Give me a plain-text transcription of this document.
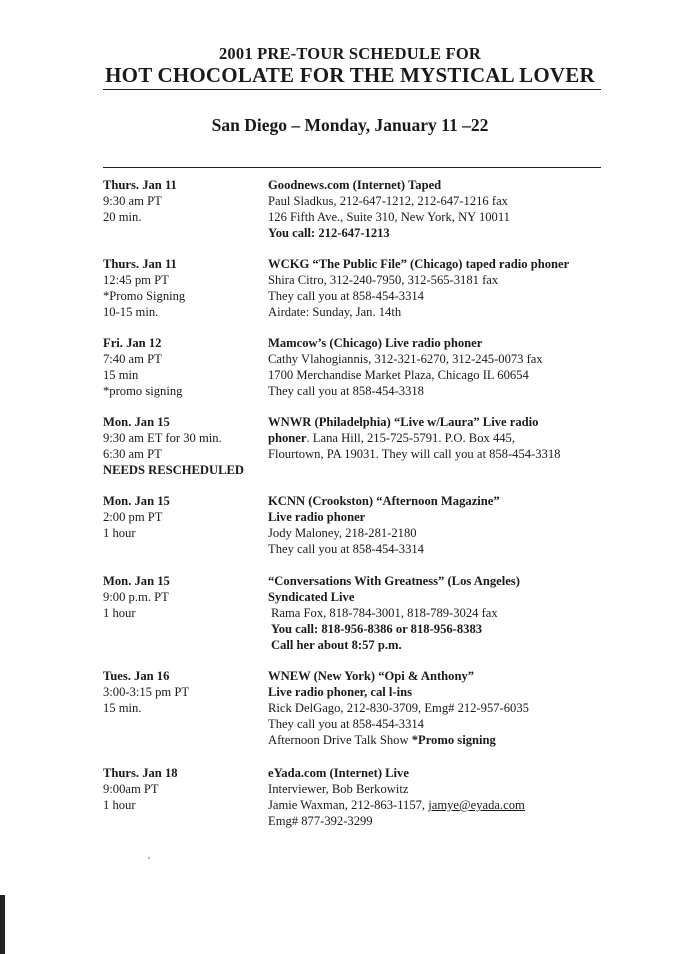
2001 PRE-TOUR SCHEDULE FOR
HOT CHOCOLATE FOR THE MYSTICAL LOVER
San Diego – Monday, January 11 –22
Thurs. Jan 11
9:30 am PT
20 min.
Goodnews.com (Internet) Taped
Paul Sladkus, 212-647-1212, 212-647-1216 fax
126 Fifth Ave., Suite 310, New York, NY 10011
You call: 212-647-1213
Thurs. Jan 11
12:45 pm PT
*Promo Signing
10-15 min.
WCKG “The Public File” (Chicago) taped radio phoner
Shira Citro, 312-240-7950, 312-565-3181 fax
They call you at 858-454-3314
Airdate: Sunday, Jan. 14th
Fri. Jan 12
7:40 am PT
15 min
*promo signing
Mamcow’s (Chicago) Live radio phoner
Cathy Vlahogiannis, 312-321-6270, 312-245-0073 fax
1700 Merchandise Market Plaza, Chicago IL 60654
They call you at 858-454-3318
Mon. Jan 15
9:30 am ET for 30 min.
6:30 am PT
NEEDS RESCHEDULED
WNWR (Philadelphia) “Live w/Laura” Live radio
phoner. Lana Hill, 215-725-5791. P.O. Box 445,
Flourtown, PA 19031. They will call you at 858-454-3318
Mon. Jan 15
2:00 pm PT
1 hour
KCNN (Crookston) “Afternoon Magazine”
Live radio phoner
Jody Maloney, 218-281-2180
They call you at 858-454-3314
Mon. Jan 15
9:00 p.m. PT
1 hour
“Conversations With Greatness” (Los Angeles)
Syndicated Live
Rama Fox, 818-784-3001, 818-789-3024 fax
You call: 818-956-8386 or 818-956-8383
Call her about 8:57 p.m.
Tues. Jan 16
3:00-3:15 pm PT
15 min.
WNEW (New York) “Opi & Anthony”
Live radio phoner, cal l-ins
Rick DelGago, 212-830-3709, Emg# 212-957-6035
They call you at 858-454-3314
Afternoon Drive Talk Show *Promo signing
Thurs. Jan 18
9:00am PT
1 hour
eYada.com (Internet) Live
Interviewer, Bob Berkowitz
Jamie Waxman, 212-863-1157, jamye@eyada.com
Emg# 877-392-3299
